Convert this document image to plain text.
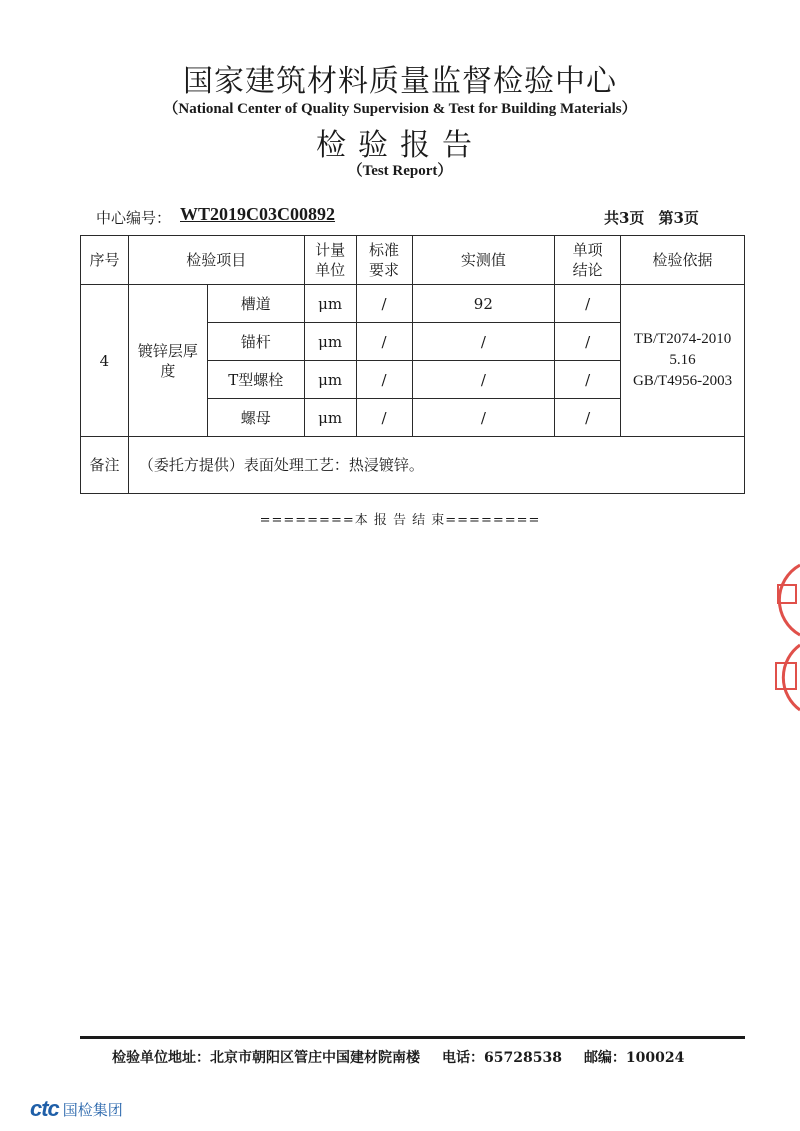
国家建筑材料质量监督检验中心
（National Center of Quality Supervision & Test for Building Materials）
检验报告
（Test Report）
中心编号： WT2019C03C00892	共3页 第3页
序号	检验项目		计量单位	标准要求	实测值	单项结论	检验依据
4	镀锌层厚度	槽道	μm	/	92	/	TB/T2074-2010
5.16
GB/T4956-2003

		锚杆	μm	/	/	/	
		T型螺栓	μm	/	/	/	
		螺母	μm	/	/	/	
备注	（委托方提供）表面处理工艺：热浸镀锌。						
========本 报 告 结 束========
检验单位地址：北京市朝阳区管庄中国建材院南楼 电话：65728538 邮编：100024
ctc 国检集团
